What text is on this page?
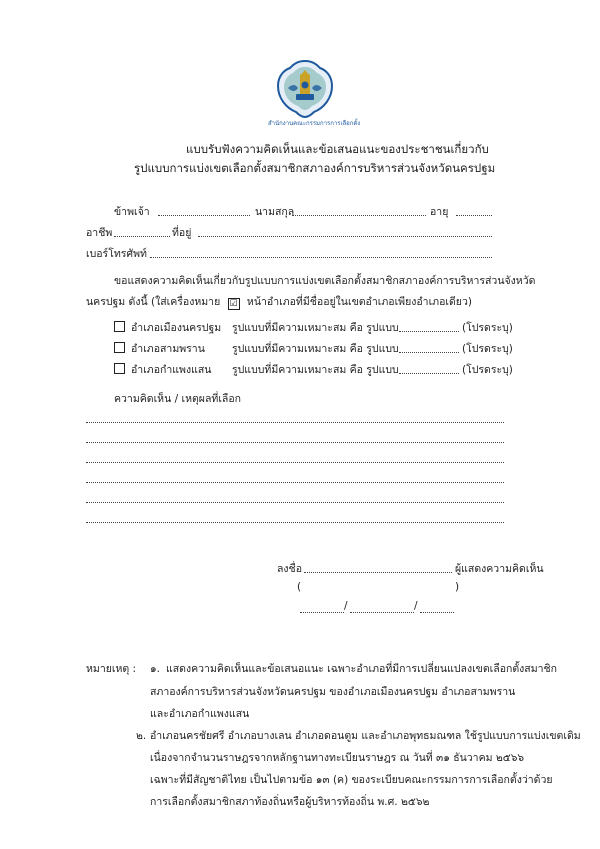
สำนักงานคณะกรรมการการเลือกตั้ง
แบบรับฟังความคิดเห็นและข้อเสนอแนะของประชาชนเกี่ยวกับ
รูปแบบการแบ่งเขตเลือกตั้งสมาชิกสภาองค์การบริหารส่วนจังหวัดนครปฐม
ข้าพเจ้า	นามสกุล	อายุ
อาชีพ	ที่อยู่
เบอร์โทรศัพท์
ขอแสดงความคิดเห็นเกี่ยวกับรูปแบบการแบ่งเขตเลือกตั้งสมาชิกสภาองค์การบริหารส่วนจังหวัด
นครปฐม ดังนี้ (ใส่เครื่องหมาย ☑ หน้าอำเภอที่มีชื่ออยู่ในเขตอำเภอเพียงอำเภอเดียว)
อำเภอเมืองนครปฐม รูปแบบที่มีความเหมาะสม คือ รูปแบบ	(โปรดระบุ)
อำเภอสามพราน	รูปแบบที่มีความเหมาะสม คือ รูปแบบ	(โปรดระบุ)
อำเภอกำแพงแสน รูปแบบที่มีความเหมาะสม คือ รูปแบบ	(โปรดระบุ)
ความคิดเห็น / เหตุผลที่เลือก
ลงชื่อ	ผู้แสดงความคิดเห็น
(	)
/	/
หมายเหตุ : ๑. แสดงความคิดเห็นและข้อเสนอแนะ เฉพาะอำเภอที่มีการเปลี่ยนแปลงเขตเลือกตั้งสมาชิก
สภาองค์การบริหารส่วนจังหวัดนครปฐม ของอำเภอเมืองนครปฐม อำเภอสามพราน
และอำเภอกำแพงแสน
๒. อำเภอนครชัยศรี อำเภอบางเลน อำเภอดอนตูม และอำเภอพุทธมณฑล ใช้รูปแบบการแบ่งเขตเดิม
เนื่องจากจำนวนราษฎรจากหลักฐานทางทะเบียนราษฎร ณ วันที่ ๓๑ ธันวาคม ๒๕๖๖
เฉพาะที่มีสัญชาติไทย เป็นไปตามข้อ ๑๓ (ค) ของระเบียบคณะกรรมการการเลือกตั้งว่าด้วย
การเลือกตั้งสมาชิกสภาท้องถิ่นหรือผู้บริหารท้องถิ่น พ.ศ. ๒๕๖๒
